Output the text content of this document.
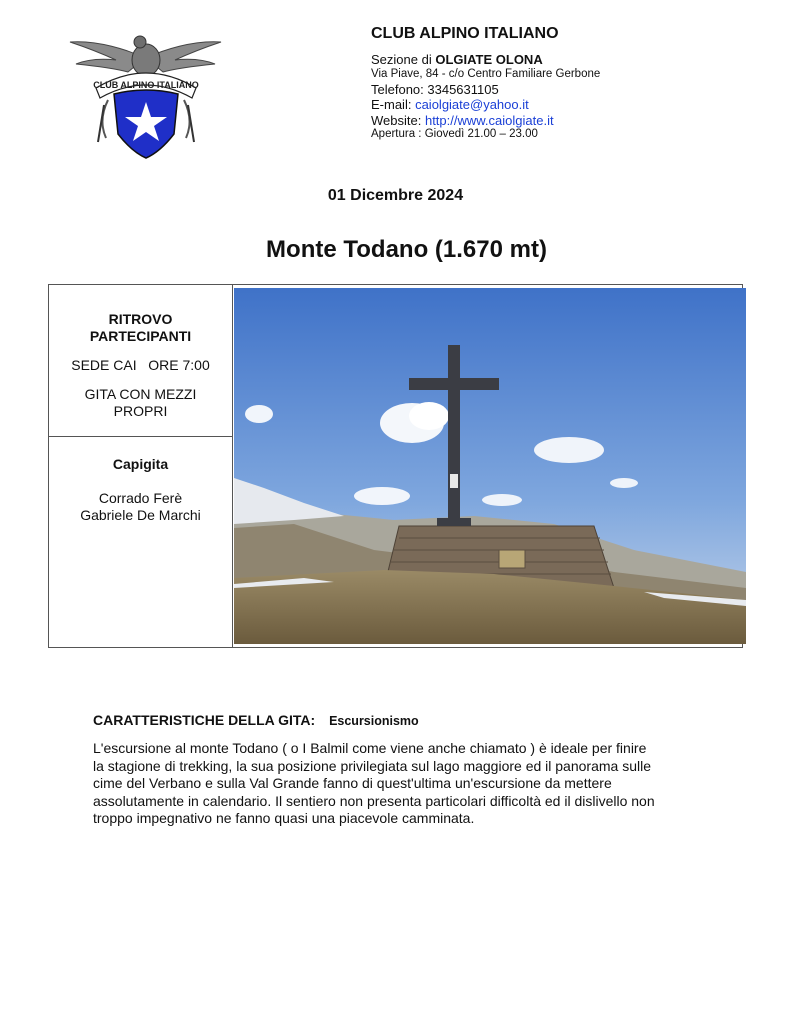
CLUB ALPINO ITALIANO
CLUB ALPINO ITALIANO
Sezione di OLGIATE OLONA
Via Piave, 84 - c/o Centro Familiare Gerbone
Telefono: 3345631105
E-mail: caiolgiate@yahoo.it
Website: http://www.caiolgiate.it
Apertura : Giovedì 21.00 – 23.00
01 Dicembre 2024
Monte Todano (1.670 mt)
RITROVO
PARTECIPANTI
SEDE CAI ORE 7:00
GITA CON MEZZI
PROPRI
Capigita
Corrado Ferè
Gabriele De Marchi
CARATTERISTICHE DELLA GITA: Escursionismo
L'escursione al monte Todano ( o I Balmil come viene anche chiamato ) è ideale per finire
la stagione di trekking, la sua posizione privilegiata sul lago maggiore ed il panorama sulle
cime del Verbano e sulla Val Grande fanno di quest'ultima un'escursione da mettere
assolutamente in calendario. Il sentiero non presenta particolari difficoltà ed il dislivello non
troppo impegnativo ne fanno quasi una piacevole camminata.
